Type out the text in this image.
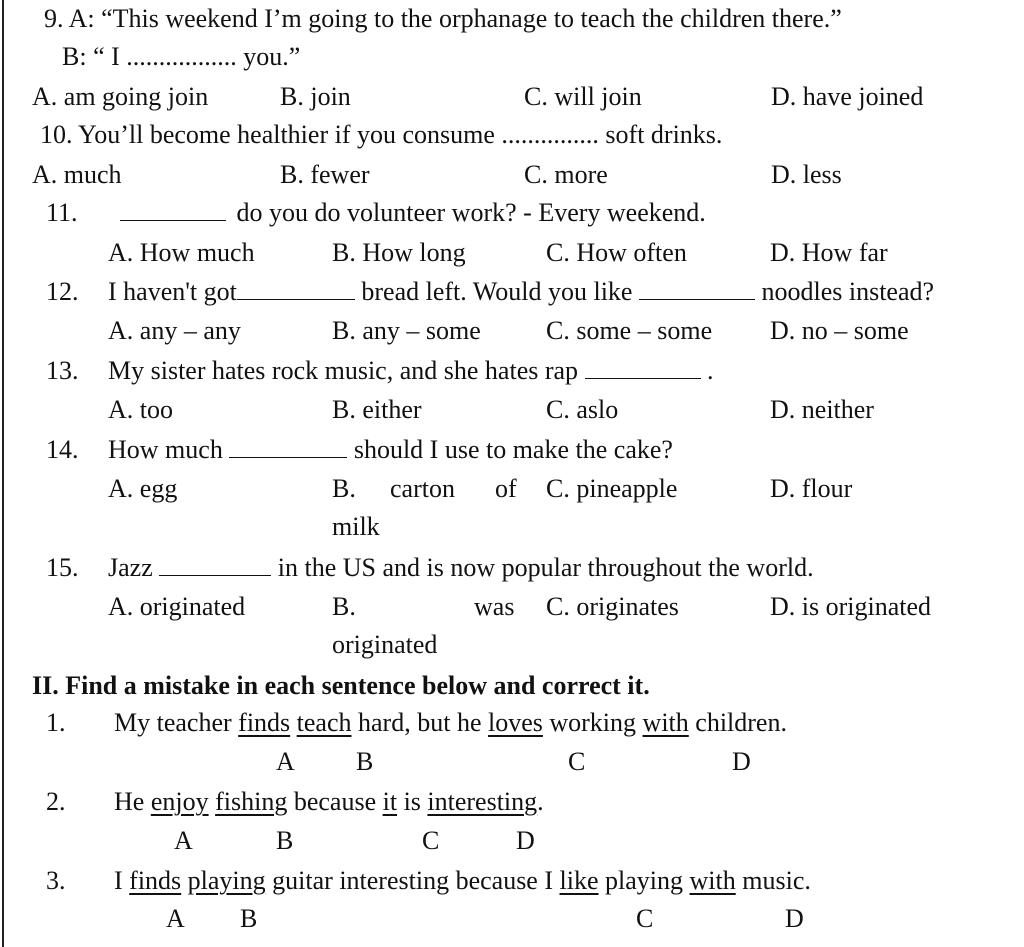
9. A: “This weekend I’m going to the orphanage to teach the children there.”
B: “ I ................. you.”
A. am going join	B. join	C. will join	D. have joined
10. You’ll become healthier if you consume ............... soft drinks.
A. much	B. fewer	C. more	D. less
11.	do you do volunteer work? - Every weekend.
A. How much	B. How long	C. How often	D. How far
12. I haven't got	bread left. Would you like	noodles instead?
A. any – any	B. any – some	C. some – some D. no – some
13. My sister hates rock music, and she hates rap	.
A. too	B. either	C. aslo	D. neither
14. How much	should I use to make the cake?
A. egg	B. carton of
milk
C. pineapple	D. flour
15. Jazz	in the US and is now popular throughout the world.
A. originated	B.	was
originated
C. originates	D. is originated
II. Find a mistake in each sentence below and correct it.
1. My teacher finds teach hard, but he loves working with children.
A B	C	D
2. He enjoy fishing because it is interesting.
A	B	C	D
3. I finds playing guitar interesting because I like playing with music.
A B	C	D
